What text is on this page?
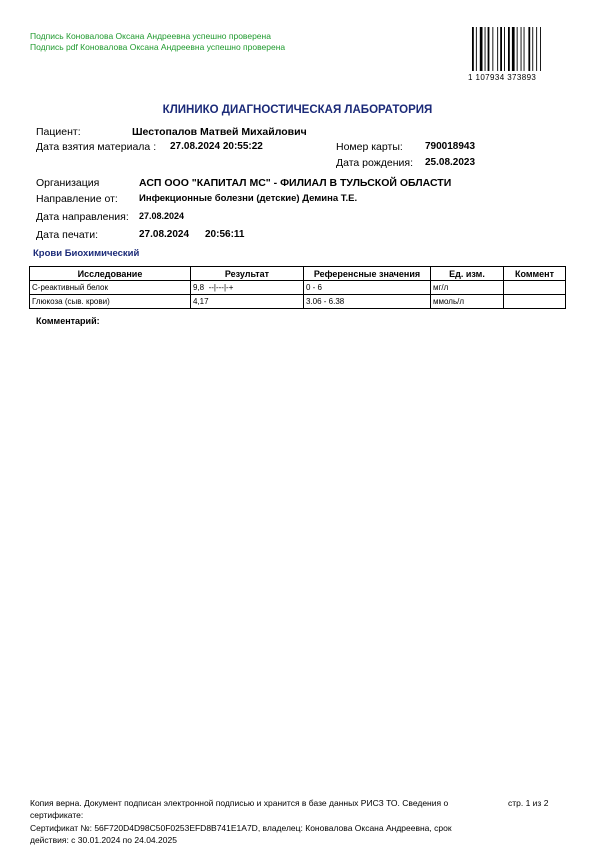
Подпись Коновалова Оксана Андреевна успешно проверена
Подпись pdf Коновалова Оксана Андреевна успешно проверена
1 107934 373893
КЛИНИКО ДИАГНОСТИЧЕСКАЯ ЛАБОРАТОРИЯ
Пациент:	Шестопалов Матвей Михайлович
Дата взятия материала : 27.08.2024 20:55:22	Номер карты: 790018943
Дата рождения: 25.08.2023
Организация	АСП ООО "КАПИТАЛ МС" - ФИЛИАЛ В ТУЛЬСКОЙ ОБЛАСТИ
Направление от: Инфекционные болезни (детские) Демина Т.Е.
Дата направления: 27.08.2024
Дата печати:	27.08.2024 20:56:11
Крови Биохимический
Исследование	Результат	Референсные значения	Ед. изм.	Коммент
С-реактивный белок	9,8  --|---|-+	0 - 6	мг/л	
Глюкоза (сыв. крови)	4,17	3.06 - 6.38	ммоль/л	
Комментарий:
Копия верна. Документ подписан электронной подписью и хранится в базе данных РИСЗ ТО. Сведения о	стр. 1 из 2
сертификате:
Сертификат №: 56F720D4D98C50F0253EFD8B741E1A7D, владелец: Коновалова Оксана Андреевна, срок
действия: с 30.01.2024 по 24.04.2025
